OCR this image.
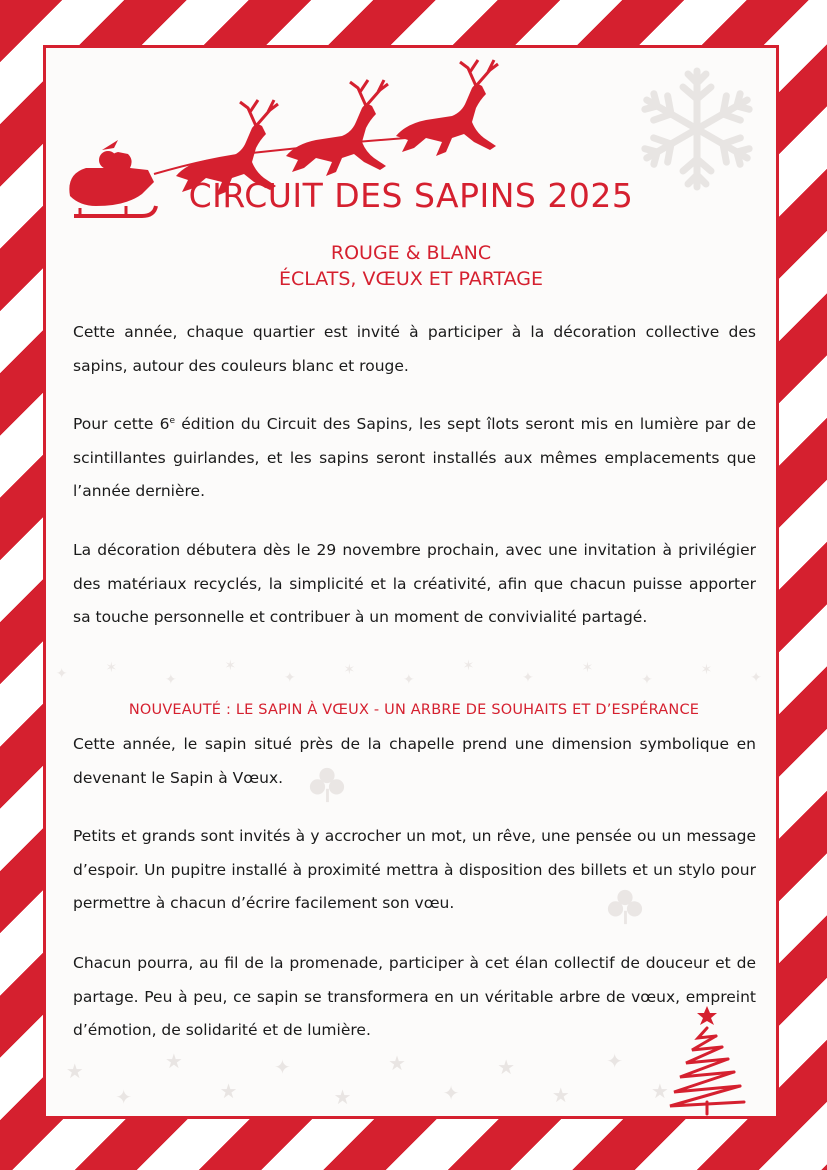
✦	✶
✦
✶
✦	✶
✦
✶
✦
✶
✦
✶	✦
★
✦
★
★
✦
★
★
✦
★
★
✦
★
CIRCUIT DES SAPINS 2025
ROUGE & BLANC
ÉCLATS, VŒUX ET PARTAGE

Cette année, chaque quartier est invité à participer à la décoration collective des sapins, autour des couleurs blanc et rouge.

Pour cette 6e édition du Circuit des Sapins, les sept îlots seront mis en lumière par de scintillantes guirlandes, et les sapins seront installés aux mêmes emplacements que l’année dernière.

La décoration débutera dès le 29 novembre prochain, avec une invitation à privilégier des matériaux recyclés, la simplicité et la créativité, afin que chacun puisse apporter sa touche personnelle et contribuer à un moment de convivialité partagé.

NOUVEAUTÉ : LE SAPIN À VŒUX - UN ARBRE DE SOUHAITS ET D’ESPÉRANCE

Cette année, le sapin situé près de la chapelle prend une dimension symbolique en devenant le Sapin à Vœux.

Petits et grands sont invités à y accrocher un mot, un rêve, une pensée ou un message d’espoir. Un pupitre installé à proximité mettra à disposition des billets et un stylo pour permettre à chacun d’écrire facilement son vœu.

Chacun pourra, au fil de la promenade, participer à cet élan collectif de douceur et de partage. Peu à peu, ce sapin se transformera en un véritable arbre de vœux, empreint d’émotion, de solidarité et de lumière.
